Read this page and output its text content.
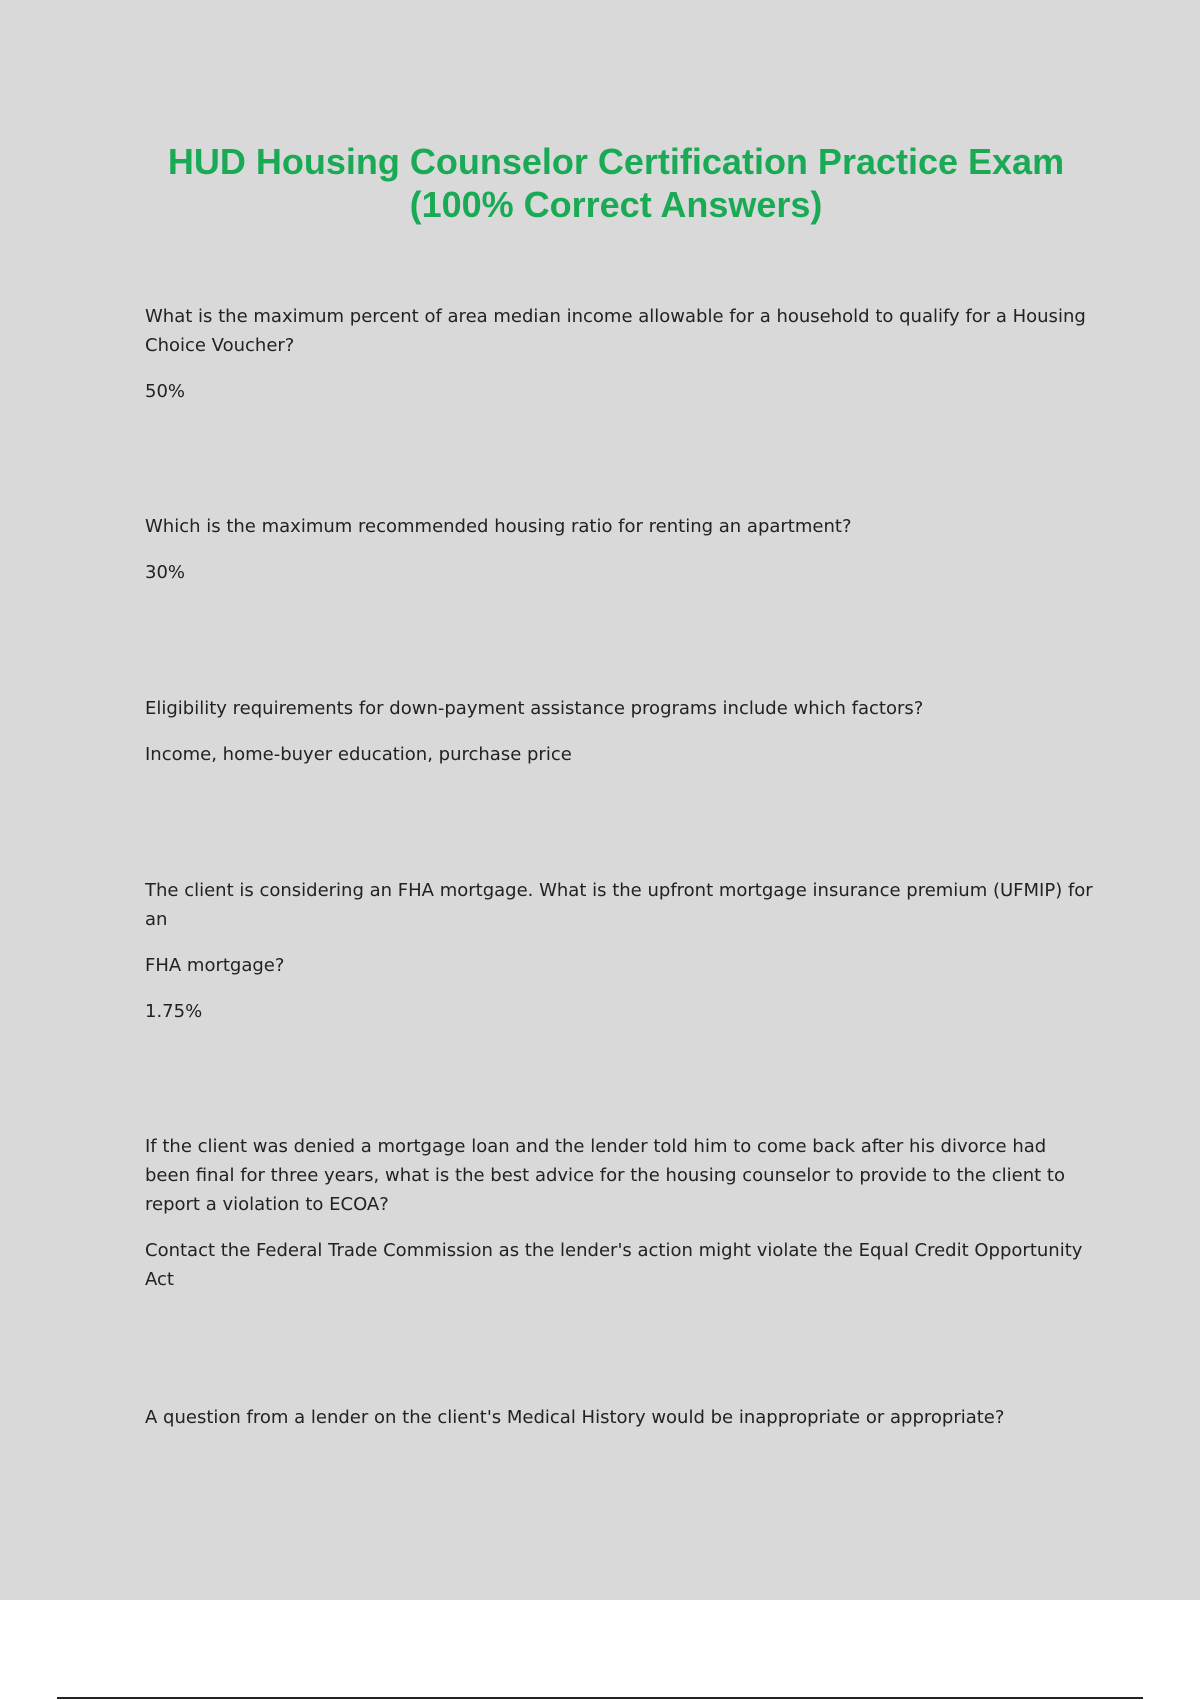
HUD Housing Counselor Certification Practice Exam
(100% Correct Answers)

What is the maximum percent of area median income allowable for a household to qualify for a Housing Choice Voucher?

50%

Which is the maximum recommended housing ratio for renting an apartment?

30%

Eligibility requirements for down-payment assistance programs include which factors?

Income, home-buyer education, purchase price

The client is considering an FHA mortgage. What is the upfront mortgage insurance premium (UFMIP) for an

FHA mortgage?

1.75%

If the client was denied a mortgage loan and the lender told him to come back after his divorce had been final for three years, what is the best advice for the housing counselor to provide to the client to report a violation to ECOA?

Contact the Federal Trade Commission as the lender's action might violate the Equal Credit Opportunity Act

A question from a lender on the client's Medical History would be inappropriate or appropriate?
